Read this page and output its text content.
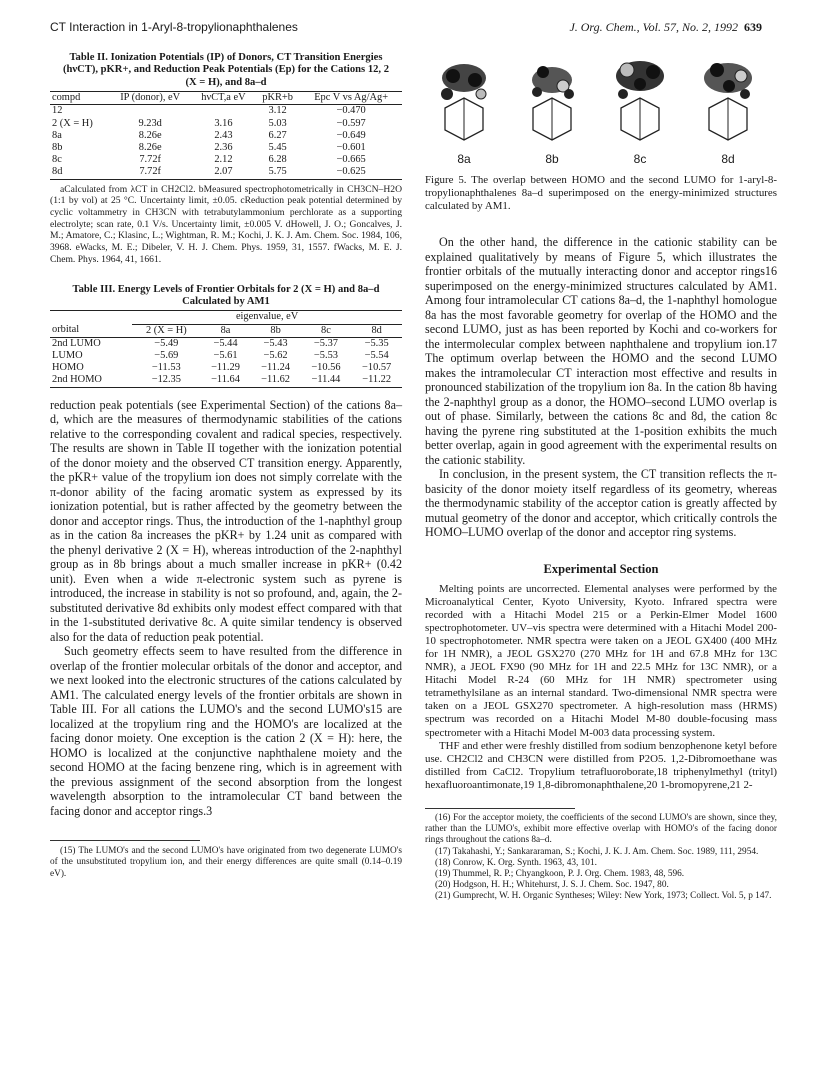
CT Interaction in 1-Aryl-8-tropylionaphthalenes	J. Org. Chem., Vol. 57, No. 2, 1992 639
Table II. Ionization Potentials (IP) of Donors, CT Transition Energies (hνCT), pKR+, and Reduction Peak Potentials (Ep) for the Cations 12, 2 (X = H), and 8a–d
compd	IP (donor), eV	hνCT,a eV	pKR+b	Epc V vs Ag/Ag+
12			3.12	−0.470
2 (X = H)	9.23d	3.16	5.03	−0.597
8a	8.26e	2.43	6.27	−0.649
8b	8.26e	2.36	5.45	−0.601
8c	7.72f	2.12	6.28	−0.665
8d	7.72f	2.07	5.75	−0.625

aCalculated from λCT in CH2Cl2. bMeasured spectrophotometrically in CH3CN–H2O (1:1 by vol) at 25 °C. Uncertainty limit, ±0.05. cReduction peak potential determined by cyclic voltammetry in CH3CN with tetrabutylammonium perchlorate as a supporting electrolyte; scan rate, 0.1 V/s. Uncertainty limit, ±0.005 V. dHowell, J. O.; Goncalves, J. M.; Amatore, C.; Klasinc, L.; Wightman, R. M.; Kochi, J. K. J. Am. Chem. Soc. 1984, 106, 3968. eWacks, M. E.; Dibeler, V. H. J. Chem. Phys. 1959, 31, 1557. fWacks, M. E. J. Chem. Phys. 1964, 41, 1661.

Table III. Energy Levels of Frontier Orbitals for 2 (X = H) and 8a–d Calculated by AM1
	eigenvalue, eV				
orbital	2 (X = H)	8a	8b	8c	8d
2nd LUMO	−5.49	−5.44	−5.43	−5.37	−5.35
LUMO	−5.69	−5.61	−5.62	−5.53	−5.54
HOMO	−11.53	−11.29	−11.24	−10.56	−10.57
2nd HOMO	−12.35	−11.64	−11.62	−11.44	−11.22

reduction peak potentials (see Experimental Section) of the cations 8a–d, which are the measures of thermodynamic stabilities of the cations relative to the corresponding covalent and radical species, respectively. The results are shown in Table II together with the ionization potential of the donor moiety and the observed CT transition energy. Apparently, the pKR+ value of the tropylium ion does not simply correlate with the π-donor ability of the facing aromatic system as expressed by its ionization potential, but is rather affected by the geometry between the donor and acceptor rings. Thus, the introduction of the 1-naphthyl group as in the cation 8a increases the pKR+ by 1.24 unit as compared with the phenyl derivative 2 (X = H), whereas introduction of the 2-naphthyl group as in 8b brings about a much smaller increase in pKR+ (0.42 unit). Even when a wide π-electronic system such as pyrene is introduced, the increase in stability is not so profound, and, again, the 2-substituted derivative 8d exhibits only modest effect compared with that in the 1-substituted derivative 8c. A quite similar tendency is observed also for the data of reduction peak potential.

Such geometry effects seem to have resulted from the difference in overlap of the frontier molecular orbitals of the donor and acceptor, and we next looked into the electronic structures of the cations calculated by AM1. The calculated energy levels of the frontier orbitals are shown in Table III. For all cations the LUMO's and the second LUMO's15 are localized at the tropylium ring and the HOMO's are localized at the facing donor moiety. One exception is the cation 2 (X = H): here, the HOMO is localized at the conjunctive naphthalene moiety and the second HOMO at the facing benzene ring, which is in agreement with the previous assignment of the second absorption from the longest wavelength absorption to the intramolecular CT band between the facing donor and acceptor rings.3

(15) The LUMO's and the second LUMO's have originated from two degenerate LUMO's of the unsubstituted tropylium ion, and their energy differences are quite small (0.14–0.19 eV).

8a	8b	8c	8d
Figure 5. The overlap between HOMO and the second LUMO for 1-aryl-8-tropylionaphthalenes 8a–d superimposed on the energy-minimized structures calculated by AM1.

On the other hand, the difference in the cationic stability can be explained qualitatively by means of Figure 5, which illustrates the frontier orbitals of the mutually interacting donor and acceptor rings16 superimposed on the energy-minimized structures calculated by AM1. Among four intramolecular CT cations 8a–d, the 1-naphthyl homologue 8a has the most favorable geometry for overlap of the HOMO and the second LUMO, just as has been reported by Kochi and co-workers for the intermolecular complex between naphthalene and tropylium ion.17 The optimum overlap between the HOMO and the second LUMO makes the intramolecular CT interaction most effective and results in pronounced stabilization of the tropylium ion 8a. In the cation 8b having the 2-naphthyl group as a donor, the HOMO–second LUMO overlap is out of phase. Similarly, between the cations 8c and 8d, the cation 8c having the pyrene ring substituted at the 1-position exhibits the much better overlap, again in good agreement with the experimental results on the cationic stability.

In conclusion, in the present system, the CT transition reflects the π-basicity of the donor moiety itself regardless of its geometry, whereas the thermodynamic stability of the acceptor cation is greatly affected by mutual geometry of the donor and acceptor, which critically controls the HOMO–LUMO overlap of the donor and acceptor ring systems.

Experimental Section

Melting points are uncorrected. Elemental analyses were performed by the Microanalytical Center, Kyoto University, Kyoto. Infrared spectra were recorded with a Hitachi Model 215 or a Perkin-Elmer Model 1600 spectrophotometer. UV–vis spectra were determined with a Hitachi Model 200-10 spectrophotometer. NMR spectra were taken on a JEOL GX400 (400 MHz for 1H NMR), a JEOL GSX270 (270 MHz for 1H and 67.8 MHz for 13C NMR), a JEOL FX90 (90 MHz for 1H and 22.5 MHz for 13C NMR), or a Hitachi Model R-24 (60 MHz for 1H NMR) spectrometer using tetramethylsilane as an internal standard. Two-dimensional NMR spectra were taken on a JEOL GSX270 spectrometer. A high-resolution mass (HRMS) spectrum was recorded on a Hitachi Model M-80 double-focusing mass spectrometer with a Hitachi Model M-003 data processing system.

THF and ether were freshly distilled from sodium benzophenone ketyl before use. CH2Cl2 and CH3CN were distilled from P2O5. 1,2-Dibromoethane was distilled from CaCl2. Tropylium tetrafluoroborate,18 triphenylmethyl (trityl) hexafluoroantimonate,19 1,8-dibromonaphthalene,20 1-bromopyrene,21 2-

(16) For the acceptor moiety, the coefficients of the second LUMO's are shown, since they, rather than the LUMO's, exhibit more effective overlap with HOMO's of the facing donor rings throughout the cations 8a–d.

(17) Takahashi, Y.; Sankararaman, S.; Kochi, J. K. J. Am. Chem. Soc. 1989, 111, 2954.

(18) Conrow, K. Org. Synth. 1963, 43, 101.

(19) Thummel, R. P.; Chyangkoon, P. J. Org. Chem. 1983, 48, 596.

(20) Hodgson, H. H.; Whitehurst, J. S. J. Chem. Soc. 1947, 80.

(21) Gumprecht, W. H. Organic Syntheses; Wiley: New York, 1973; Collect. Vol. 5, p 147.
